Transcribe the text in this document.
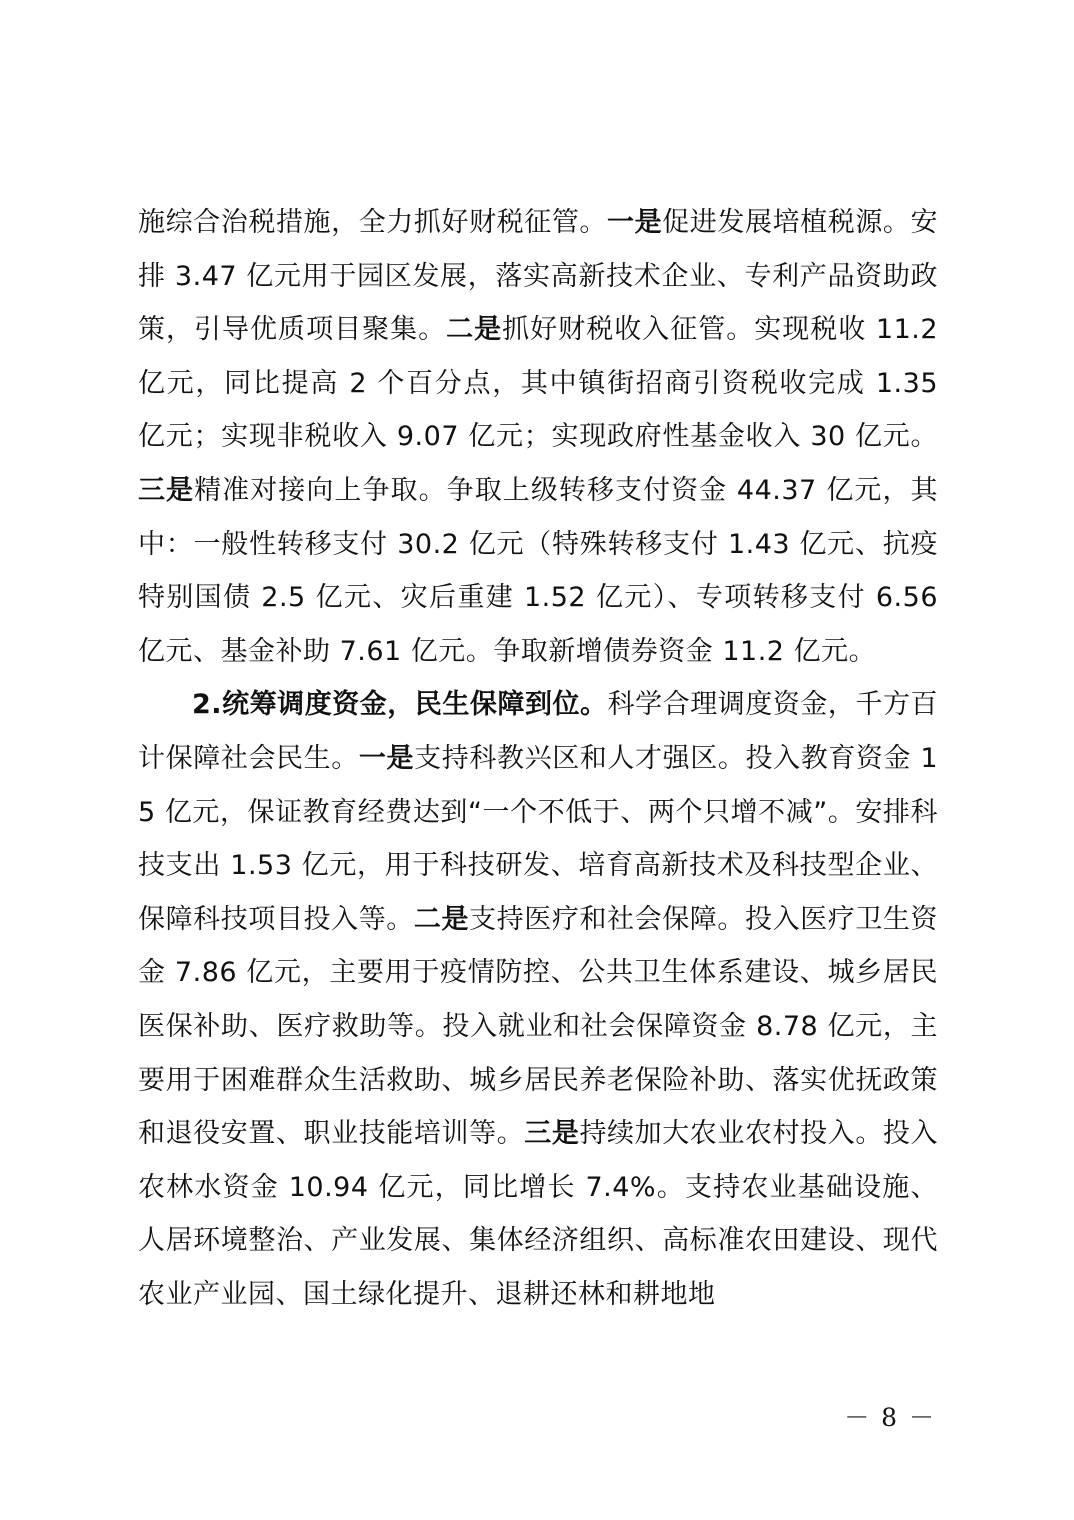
施综合治税措施，全力抓好财税征管。一是促进发展培植税源。安排 3.47 亿元用于园区发展，落实高新技术企业、专利产品资助政策，引导优质项目聚集。二是抓好财税收入征管。实现税收 11.2 亿元，同比提高 2 个百分点，其中镇街招商引资税收完成 1.35 亿元；实现非税收入 9.07 亿元；实现政府性基金收入 30 亿元。三是精准对接向上争取。争取上级转移支付资金 44.37 亿元，其中：一般性转移支付 30.2 亿元（特殊转移支付 1.43 亿元、抗疫特别国债 2.5 亿元、灾后重建 1.52 亿元）、专项转移支付 6.56 亿元、基金补助 7.61 亿元。争取新增债券资金 11.2 亿元。

2.统筹调度资金，民生保障到位。科学合理调度资金，千方百计保障社会民生。一是支持科教兴区和人才强区。投入教育资金 15 亿元，保证教育经费达到“一个不低于、两个只增不减”。安排科技支出 1.53 亿元，用于科技研发、培育高新技术及科技型企业、保障科技项目投入等。二是支持医疗和社会保障。投入医疗卫生资金 7.86 亿元，主要用于疫情防控、公共卫生体系建设、城乡居民医保补助、医疗救助等。投入就业和社会保障资金 8.78 亿元，主要用于困难群众生活救助、城乡居民养老保险补助、落实优抚政策和退役安置、职业技能培训等。三是持续加大农业农村投入。投入农林水资金 10.94 亿元，同比增长 7.4%。支持农业基础设施、人居环境整治、产业发展、集体经济组织、高标准农田建设、现代农业产业园、国土绿化提升、退耕还林和耕地地

－ 8 －
